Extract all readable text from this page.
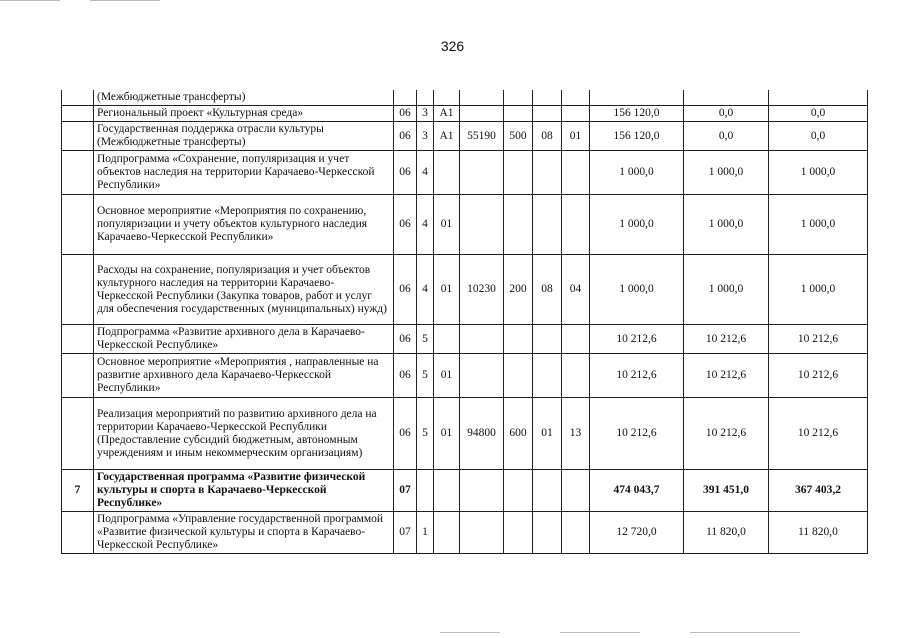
326
	(Межбюджетные трансферты)										
	Региональный проект «Культурная среда»	06	3	A1					156 120,0	0,0	0,0
	Государственная поддержка отрасли культуры (Межбюджетные трансферты)	06	3	A1	55190	500	08	01	156 120,0	0,0	0,0
	Подпрограмма «Сохранение, популяризация и учет объектов наследия на территории Карачаево-Черкесской Республики»	06	4						1 000,0	1 000,0	1 000,0
	Основное мероприятие «Мероприятия по сохранению, популяризации и учету объектов культурного наследия Карачаево-Черкесской Республики»	06	4	01					1 000,0	1 000,0	1 000,0
	Расходы на сохранение, популяризация и учет объектов культурного наследия на территории Карачаево-Черкесской Республики (Закупка товаров, работ и услуг для обеспечения государственных (муниципальных) нужд)	06	4	01	10230	200	08	04	1 000,0	1 000,0	1 000,0
	Подпрограмма «Развитие архивного дела в Карачаево-Черкесской Республике»	06	5						10 212,6	10 212,6	10 212,6
	Основное мероприятие «Мероприятия , направленные на развитие архивного дела Карачаево-Черкесской Республики»	06	5	01					10 212,6	10 212,6	10 212,6
	Реализация мероприятий по развитию архивного дела на территории Карачаево-Черкесской Республики (Предоставление субсидий бюджетным, автономным учреждениям и иным некоммерческим организациям)	06	5	01	94800	600	01	13	10 212,6	10 212,6	10 212,6
7	Государственная программа «Развитие физической культуры и спорта в Карачаево-Черкесской Республике»	07							474 043,7	391 451,0	367 403,2
	Подпрограмма «Управление государственной программой «Развитие физической культуры и спорта в Карачаево-Черкесской Республике»	07	1						12 720,0	11 820,0	11 820,0
